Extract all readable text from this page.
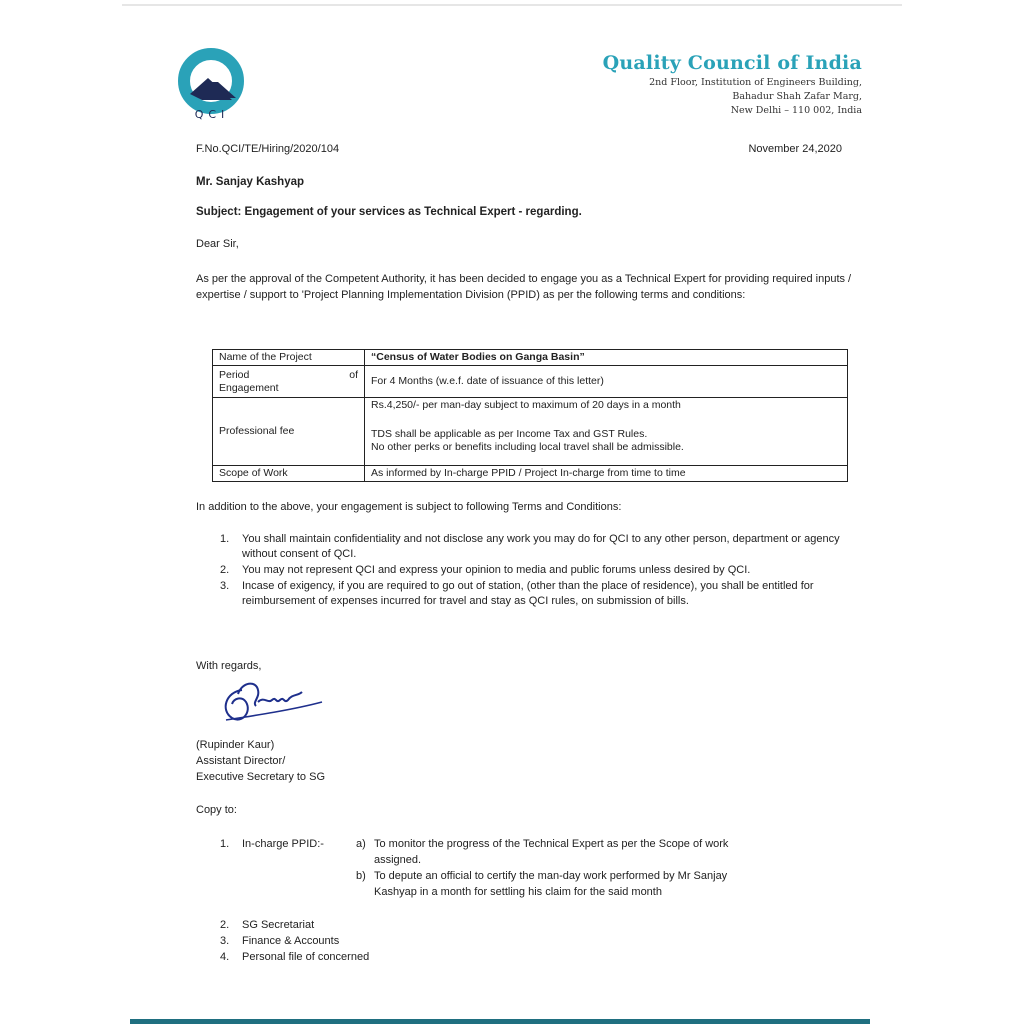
QCI
Quality Council of India
2nd Floor, Institution of Engineers Building,
Bahadur Shah Zafar Marg,
New Delhi – 110 002, India
F.No.QCI/TE/Hiring/2020/104	November 24,2020
Mr. Sanjay Kashyap
Subject: Engagement of your services as Technical Expert - regarding.
Dear Sir,
As per the approval of the Competent Authority, it has been decided to engage you as a Technical Expert for providing required inputs / expertise / support to 'Project Planning Implementation Division (PPID) as per the following terms and conditions:
Name of the Project	“Census of Water Bodies on Ganga Basin”

Period of
Engagement	For 4 Months (w.e.f. date of issuance of this letter)
Professional fee	Rs.4,250/- per man-day subject to maximum of 20 days in a month
TDS shall be applicable as per Income Tax and GST Rules.
No other perks or benefits including local travel shall be admissible.

Scope of Work	As informed by In-charge PPID / Project In-charge from time to time
In addition to the above, your engagement is subject to following Terms and Conditions:
1.	You shall maintain confidentiality and not disclose any work you may do for QCI to any other person, department or agency without consent of QCI.
2.	You may not represent QCI and express your opinion to media and public forums unless desired by QCI.
3.	Incase of exigency, if you are required to go out of station, (other than the place of residence), you shall be entitled for reimbursement of expenses incurred for travel and stay as QCI rules, on submission of bills.
With regards,
(Rupinder Kaur)
Assistant Director/
Executive Secretary to SG
Copy to:
1.	In-charge PPID:-	a) To monitor the progress of the Technical Expert as per the Scope of work
assigned.
b) To depute an official to certify the man-day work performed by Mr Sanjay
Kashyap in a month for settling his claim for the said month
2.	SG Secretariat
3.	Finance & Accounts
4.	Personal file of concerned
